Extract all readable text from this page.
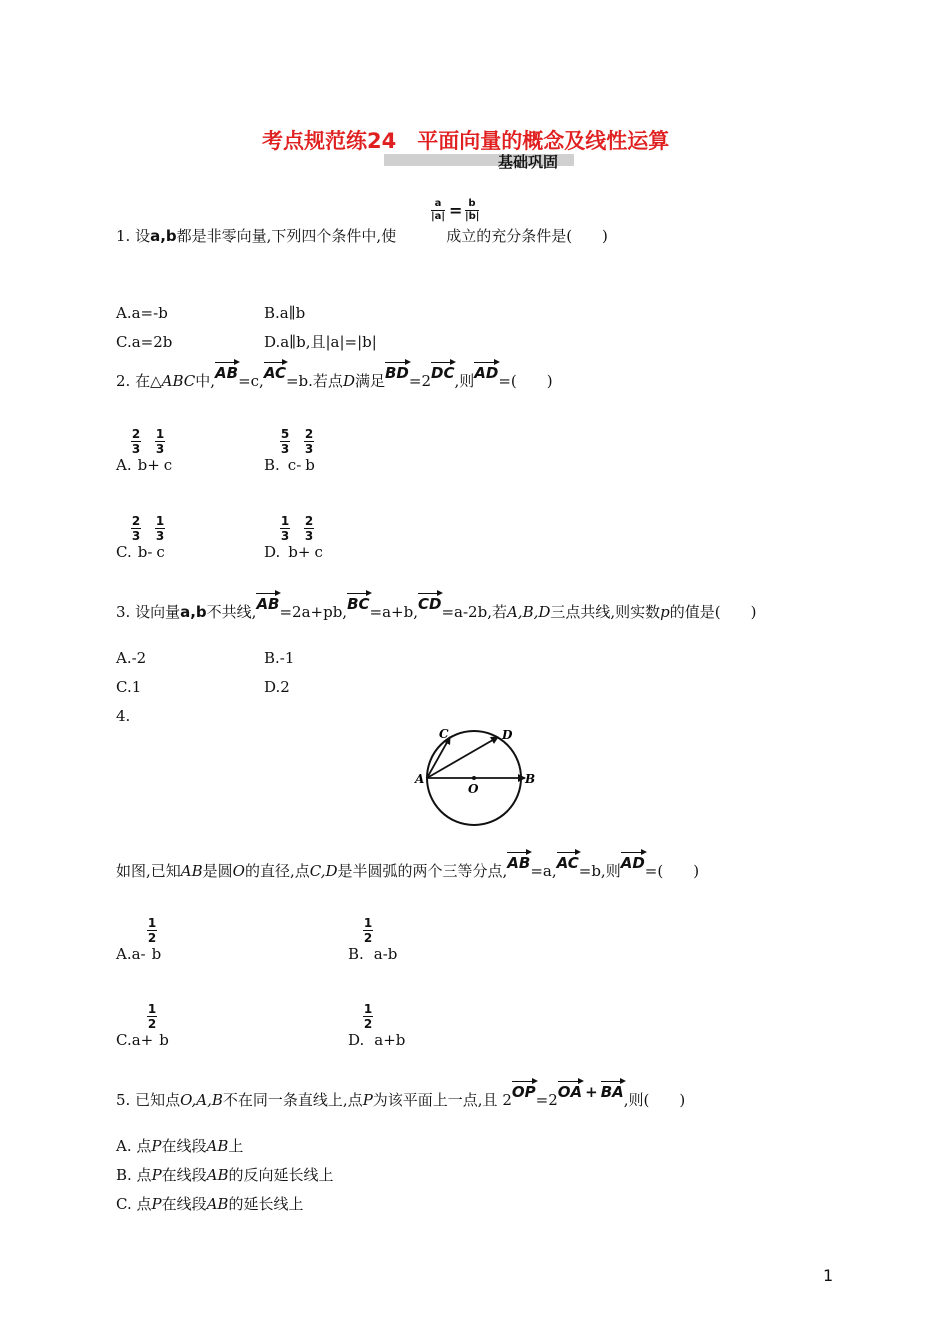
考点规范练24　平面向量的概念及线性运算
基础巩固
$\frac{a}{|a|} = \frac{b}{|b|}$
1. 设a,b都是非零向量,下列四个条件中,使	成立的充分条件是(　　)
A.a=-b	B.a∥b
C.a=2b	D.a∥b,且|a|=|b|
2. 在△ABC中,AB=c,AC=b.若点D满足BD=2DC,则AD=(　　)
$\frac{2}{3} \frac{1}{3}$
A. b+ c
$\frac{5}{3} \frac{2}{3}$
B. c- b
$\frac{2}{3} \frac{1}{3}$
C. b- c
$\frac{1}{3} \frac{2}{3}$
D. b+ c
3. 设向量a,b不共线,AB=2a+pb,BC=a+b,CD=a-2b,若A,B,D三点共线,则实数p的值是(　　)
A.-2	B.-1
C.1	D.2
4.
A	B
C	D
O
如图,已知AB是圆O的直径,点C,D是半圆弧的两个三等分点,AB=a,AC=b,则AD=(　　)
$\frac{1}{2}$
A.a- b
$\frac{1}{2}$
B. a-b
$\frac{1}{2}$
C.a+ b
$\frac{1}{2}$
D. a+b
5. 已知点O,A,B不在同一条直线上,点P为该平面上一点,且 2OP=2OA + BA,则(　　)
A. 点P在线段AB上
B. 点P在线段AB的反向延长线上
C. 点P在线段AB的延长线上
1
